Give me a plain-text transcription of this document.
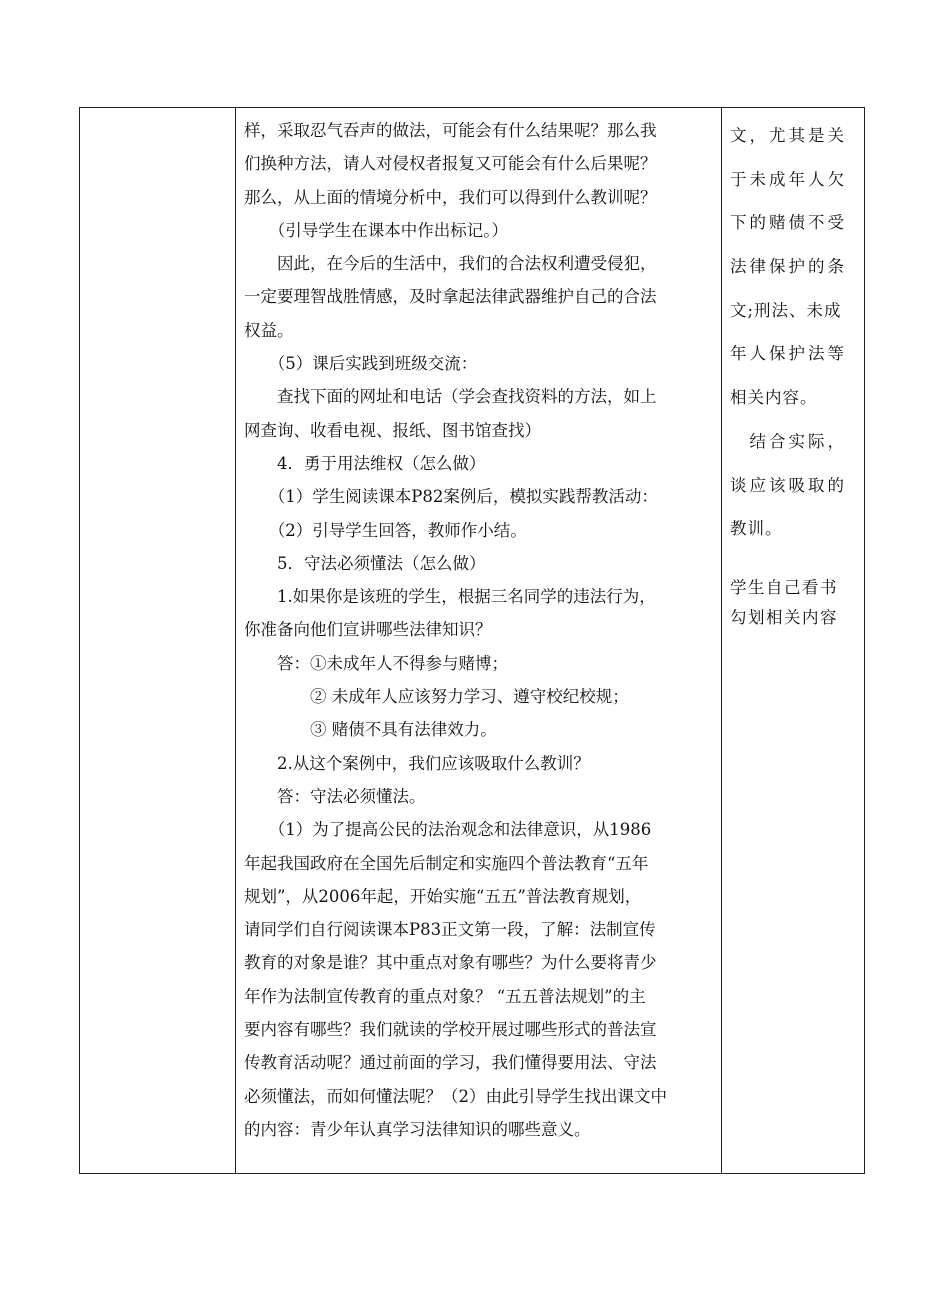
样，采取忍气吞声的做法，可能会有什么结果呢？那么我
们换种方法，请人对侵权者报复又可能会有什么后果呢？
那么，从上面的情境分析中，我们可以得到什么教训呢？
　　（引导学生在课本中作出标记。）
　　因此，在今后的生活中，我们的合法权利遭受侵犯，
一定要理智战胜情感，及时拿起法律武器维护自己的合法
权益。
　　（5）课后实践到班级交流：
　　查找下面的网址和电话（学会查找资料的方法，如上
网查询、收看电视、报纸、图书馆查找）
　　4．勇于用法维权（怎么做）
　　（1）学生阅读课本P82案例后，模拟实践帮教活动：
　　（2）引导学生回答，教师作小结。
　　5．守法必须懂法（怎么做）
　　1.如果你是该班的学生，根据三名同学的违法行为，
你准备向他们宣讲哪些法律知识？
　　答：①未成年人不得参与赌博；
　　　　② 未成年人应该努力学习、遵守校纪校规；
　　　　③ 赌债不具有法律效力。
　　2.从这个案例中，我们应该吸取什么教训？
　　答：守法必须懂法。
　　（1）为了提高公民的法治观念和法律意识，从1986
年起我国政府在全国先后制定和实施四个普法教育“五年
规划”，从2006年起，开始实施“五五”普法教育规划，
请同学们自行阅读课本P83正文第一段，了解：法制宣传
教育的对象是谁？其中重点对象有哪些？为什么要将青少
年作为法制宣传教育的重点对象？ “五五普法规划”的主
要内容有哪些？我们就读的学校开展过哪些形式的普法宣
传教育活动呢？通过前面的学习，我们懂得要用法、守法
必须懂法，而如何懂法呢？（2）由此引导学生找出课文中
的内容：青少年认真学习法律知识的哪些意义。
文，尤其是关
于未成年人欠
下的赌债不受
法律保护的条
文;刑法、未成
年人保护法等
相关内容。
　结合实际，
谈应该吸取的
教训。
学生自己看书
勾划相关内容
